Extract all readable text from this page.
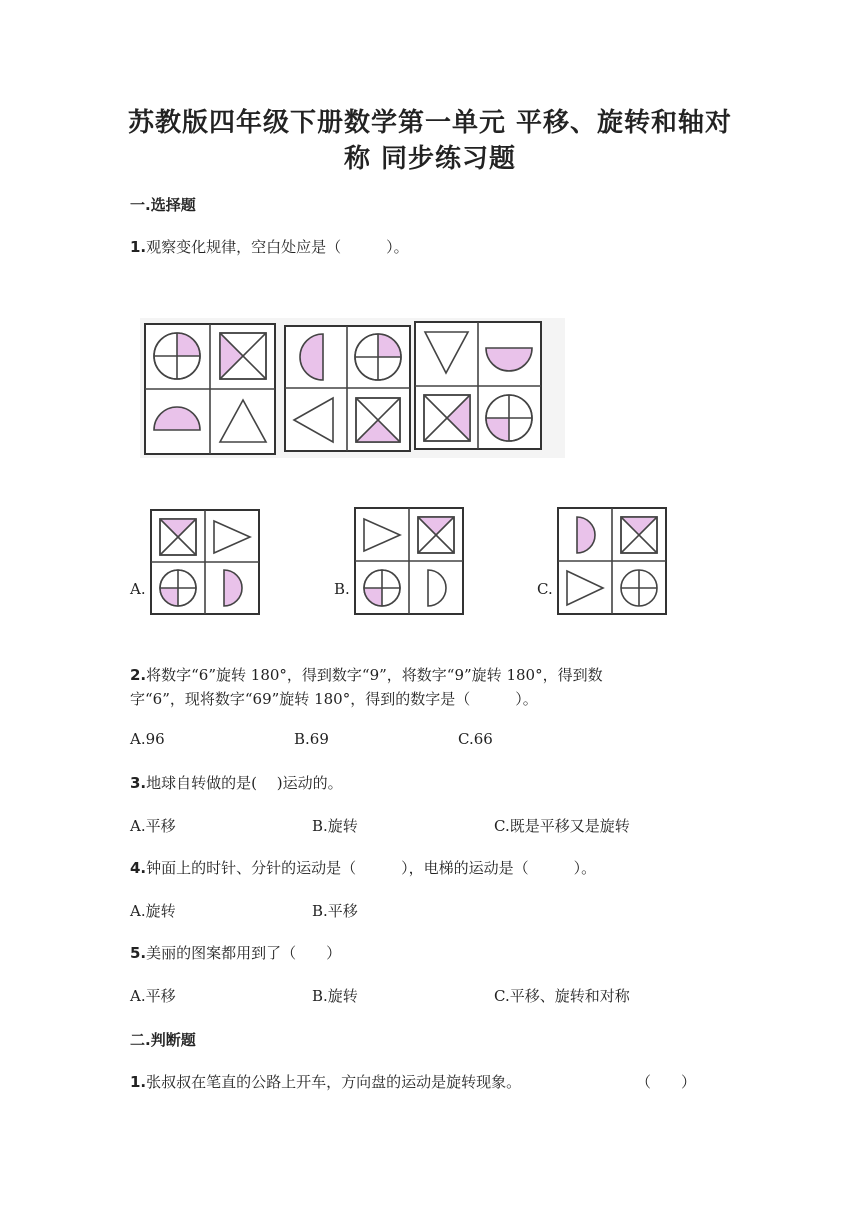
苏教版四年级下册数学第一单元 平移、旋转和轴对
称 同步练习题
一.选择题
1.观察变化规律，空白处应是（　　　）。
A.	B.	C.
2.将数字“6”旋转 180°，得到数字“9”，将数字“9”旋转 180°，得到数
字“6”，现将数字“69”旋转 180°，得到的数字是（　　　）。
A.96	B.69	C.66
3.地球自转做的是(　 )运动的。
A.平移	B.旋转	C.既是平移又是旋转
4.钟面上的时针、分针的运动是（　　　），电梯的运动是（　　　）。
A.旋转	B.平移
5.美丽的图案都用到了（　　）
A.平移	B.旋转	C.平移、旋转和对称
二.判断题
1.张叔叔在笔直的公路上开车，方向盘的运动是旋转现象。	（　　）
